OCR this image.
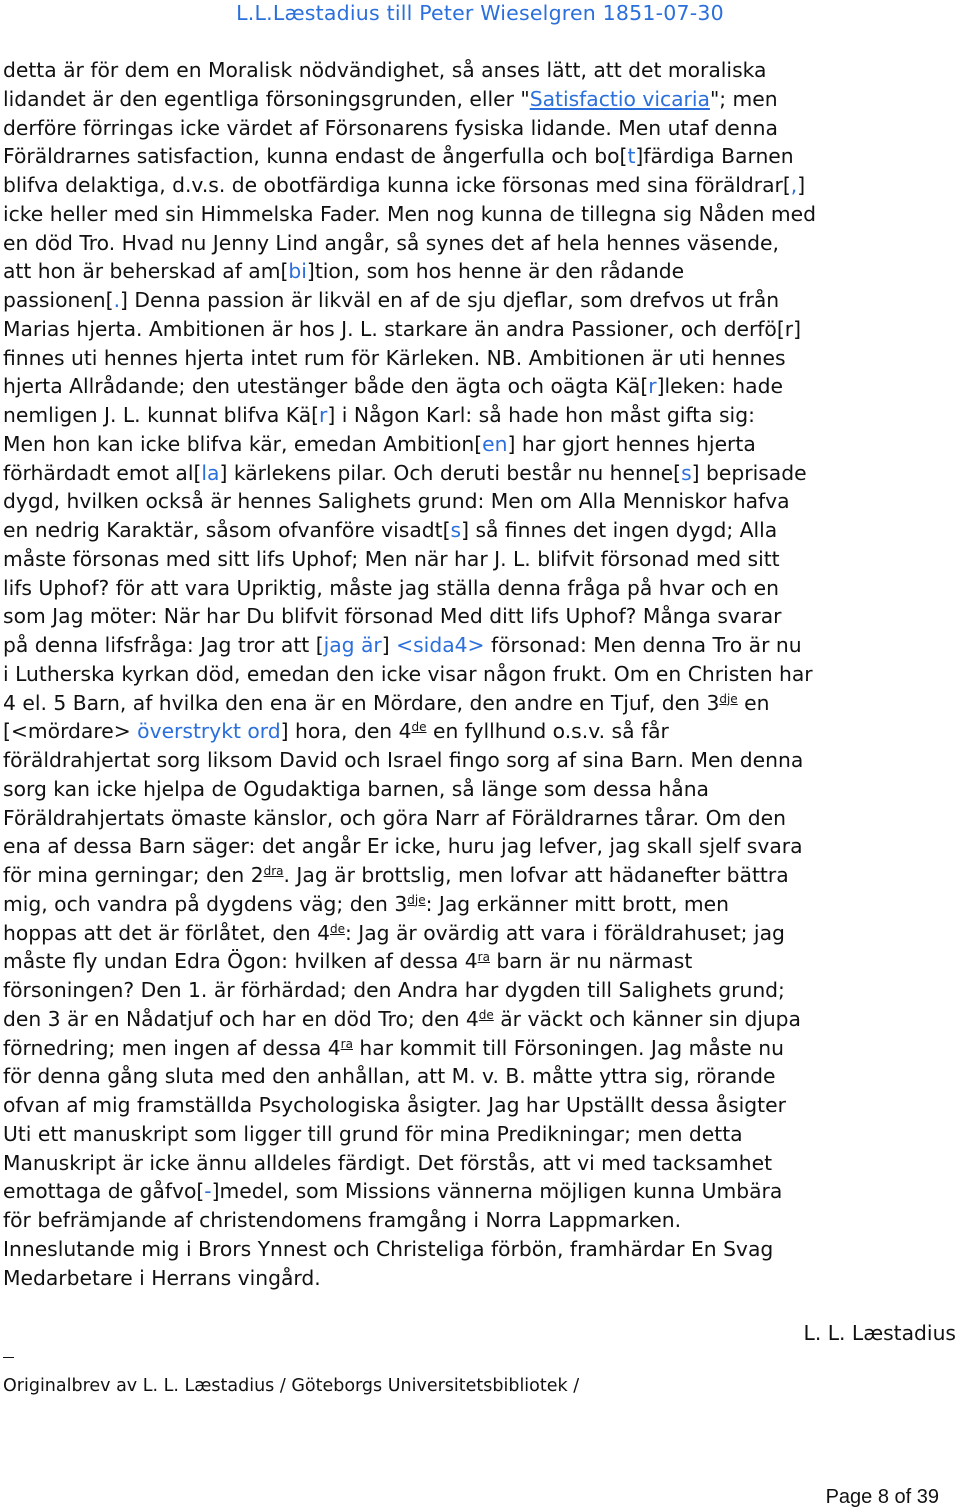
L.L.Læstadius till Peter Wieselgren 1851-07-30
detta är för dem en Moralisk nödvändighet, så anses lätt, att det moraliska
lidandet är den egentliga försoningsgrunden, eller "Satisfactio vicaria"; men
derföre förringas icke värdet af Försonarens fysiska lidande. Men utaf denna
Föräldrarnes satisfaction, kunna endast de ångerfulla och bo[t]färdiga Barnen
blifva delaktiga, d.v.s. de obotfärdiga kunna icke försonas med sina föräldrar[,]
icke heller med sin Himmelska Fader. Men nog kunna de tillegna sig Nåden med
en död Tro. Hvad nu Jenny Lind angår, så synes det af hela hennes väsende,
att hon är beherskad af am[bi]tion, som hos henne är den rådande
passionen[.] Denna passion är likväl en af de sju djeflar, som drefvos ut från
Marias hjerta. Ambitionen är hos J. L. starkare än andra Passioner, och derfö[r]
finnes uti hennes hjerta intet rum för Kärleken. NB. Ambitionen är uti hennes
hjerta Allrådande; den utestänger både den ägta och oägta Kä[r]leken: hade
nemligen J. L. kunnat blifva Kä[r] i Någon Karl: så hade hon måst gifta sig:
Men hon kan icke blifva kär, emedan Ambition[en] har gjort hennes hjerta
förhärdadt emot al[la] kärlekens pilar. Och deruti består nu henne[s] beprisade
dygd, hvilken också är hennes Salighets grund: Men om Alla Menniskor hafva
en nedrig Karaktär, såsom ofvanföre visadt[s] så finnes det ingen dygd; Alla
måste försonas med sitt lifs Uphof; Men när har J. L. blifvit försonad med sitt
lifs Uphof? för att vara Upriktig, måste jag ställa denna fråga på hvar och en
som Jag möter: När har Du blifvit försonad Med ditt lifs Uphof? Många svarar
på denna lifsfråga: Jag tror att [jag är] <sida4> försonad: Men denna Tro är nu
i Lutherska kyrkan död, emedan den icke visar någon frukt. Om en Christen har
4 el. 5 Barn, af hvilka den ena är en Mördare, den andre en Tjuf, den $3^{dje}$ en
[<mördare> överstrykt ord] hora, den 4de en fyllhund o.s.v. så får
föräldrahjertat sorg liksom David och Israel fingo sorg af sina Barn. Men denna
sorg kan icke hjelpa de Ogudaktiga barnen, så länge som dessa håna
Föräldrahjertats ömaste känslor, och göra Narr af Föräldrarnes tårar. Om den
ena af dessa Barn säger: det angår Er icke, huru jag lefver, jag skall sjelf svara
för mina gerningar; den $2^{dra}$. Jag är brottslig, men lofvar att hädanefter bättra
mig, och vandra på dygdens väg; den $3^{dje}$: Jag erkänner mitt brott, men
hoppas att det är förlåtet, den 4de: Jag är ovärdig att vara i föräldrahuset; jag
måste fly undan Edra Ögon: hvilken af dessa $4^{ra}$ barn är nu närmast
försoningen? Den 1. är förhärdad; den Andra har dygden till Salighets grund;
den 3 är en Nådatjuf och har en död Tro; den 4de är väckt och känner sin djupa
förnedring; men ingen af dessa $4^{ra}$ har kommit till Försoningen. Jag måste nu
för denna gång sluta med den anhållan, att M. v. B. måtte yttra sig, rörande
ofvan af mig framställda Psychologiska åsigter. Jag har Upställt dessa åsigter
Uti ett manuskript som ligger till grund för mina Predikningar; men detta
Manuskript är icke ännu alldeles färdigt. Det förstås, att vi med tacksamhet
emottaga de gåfvo[-]medel, som Missions vännerna möjligen kunna Umbära
för befrämjande af christendomens framgång i Norra Lappmarken.
Inneslutande mig i Brors Ynnest och Christeliga förbön, framhärdar En Svag
Medarbetare i Herrans vingård.
L. L. Læstadius
Originalbrev av L. L. Læstadius / Göteborgs Universitetsbibliotek /
Page 8 of 39
